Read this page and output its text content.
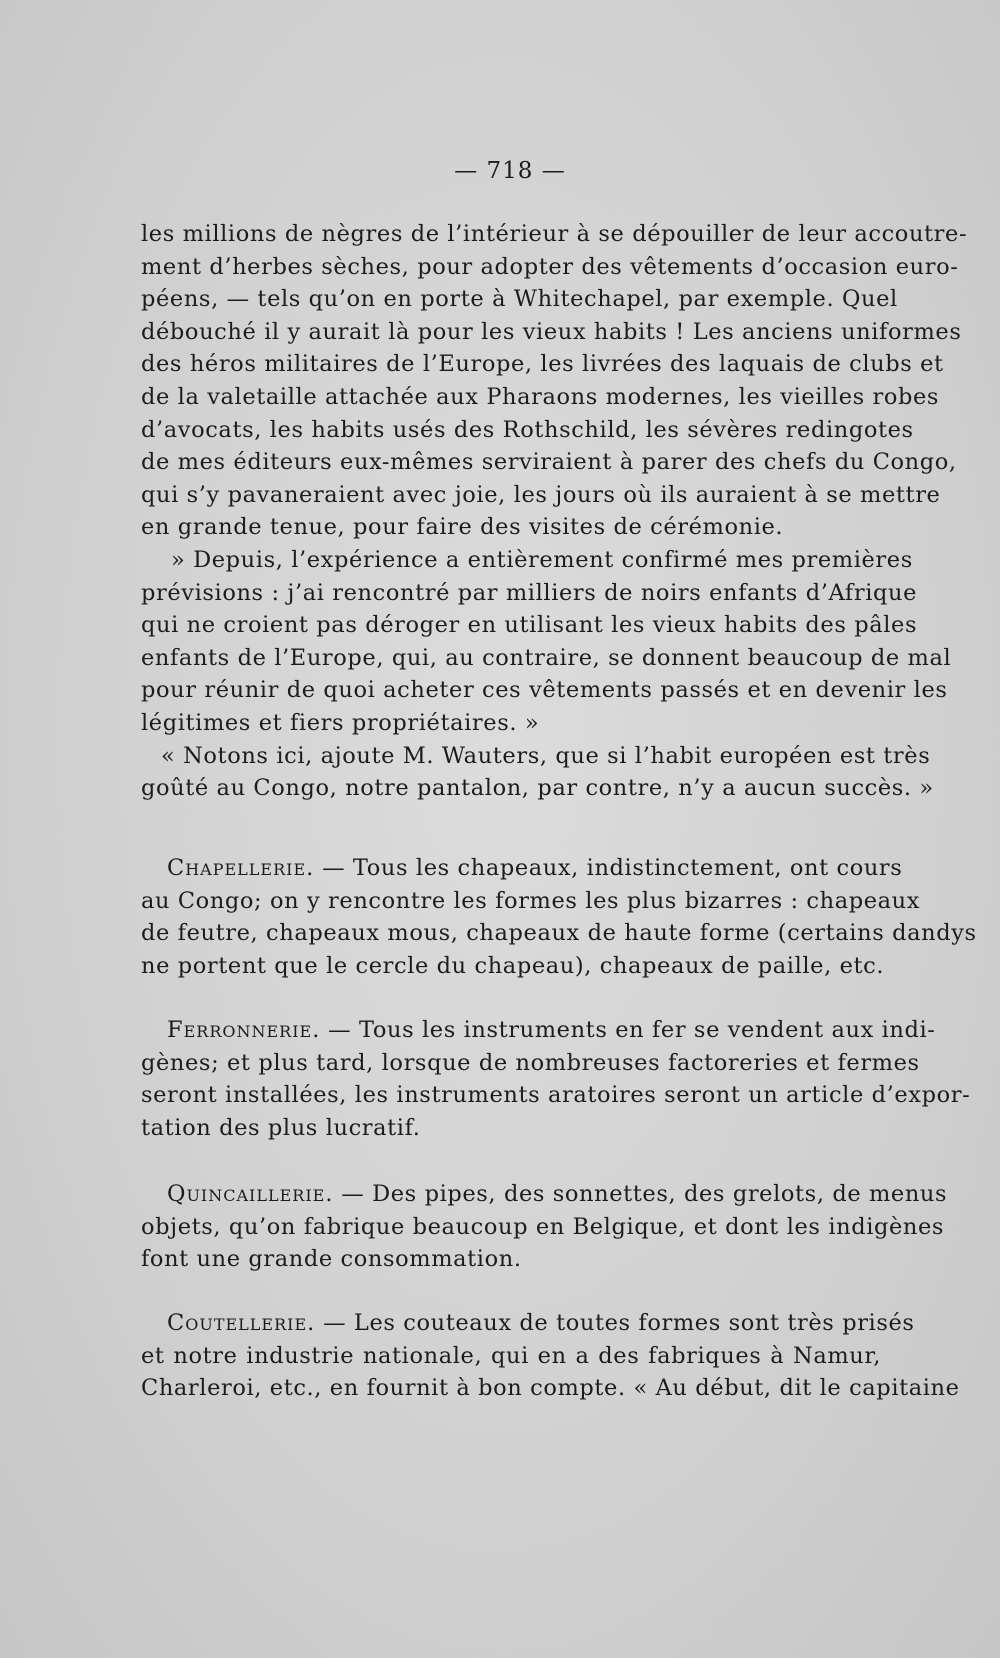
— 718 —
les millions de nègres de l’intérieur à se dépouiller de leur accoutre-
ment d’herbes sèches, pour adopter des vêtements d’occasion euro-
péens, — tels qu’on en porte à Whitechapel, par exemple. Quel
débouché il y aurait là pour les vieux habits ! Les anciens uniformes
des héros militaires de l’Europe, les livrées des laquais de clubs et
de la valetaille attachée aux Pharaons modernes, les vieilles robes
d’avocats, les habits usés des Rothschild, les sévères redingotes
de mes éditeurs eux-mêmes serviraient à parer des chefs du Congo,
qui s’y pavaneraient avec joie, les jours où ils auraient à se mettre
en grande tenue, pour faire des visites de cérémonie.
» Depuis, l’expérience a entièrement confirmé mes premières
prévisions : j’ai rencontré par milliers de noirs enfants d’Afrique
qui ne croient pas déroger en utilisant les vieux habits des pâles
enfants de l’Europe, qui, au contraire, se donnent beaucoup de mal
pour réunir de quoi acheter ces vêtements passés et en devenir les
légitimes et fiers propriétaires. »
« Notons ici, ajoute M. Wauters, que si l’habit européen est très
goûté au Congo, notre pantalon, par contre, n’y a aucun succès. »
Chapellerie. — Tous les chapeaux, indistinctement, ont cours
au Congo; on y rencontre les formes les plus bizarres : chapeaux
de feutre, chapeaux mous, chapeaux de haute forme (certains dandys
ne portent que le cercle du chapeau), chapeaux de paille, etc.
Ferronnerie. — Tous les instruments en fer se vendent aux indi-
gènes; et plus tard, lorsque de nombreuses factoreries et fermes
seront installées, les instruments aratoires seront un article d’expor-
tation des plus lucratif.
Quincaillerie. — Des pipes, des sonnettes, des grelots, de menus
objets, qu’on fabrique beaucoup en Belgique, et dont les indigènes
font une grande consommation.
Coutellerie. — Les couteaux de toutes formes sont très prisés
et notre industrie nationale, qui en a des fabriques à Namur,
Charleroi, etc., en fournit à bon compte. « Au début, dit le capitaine
